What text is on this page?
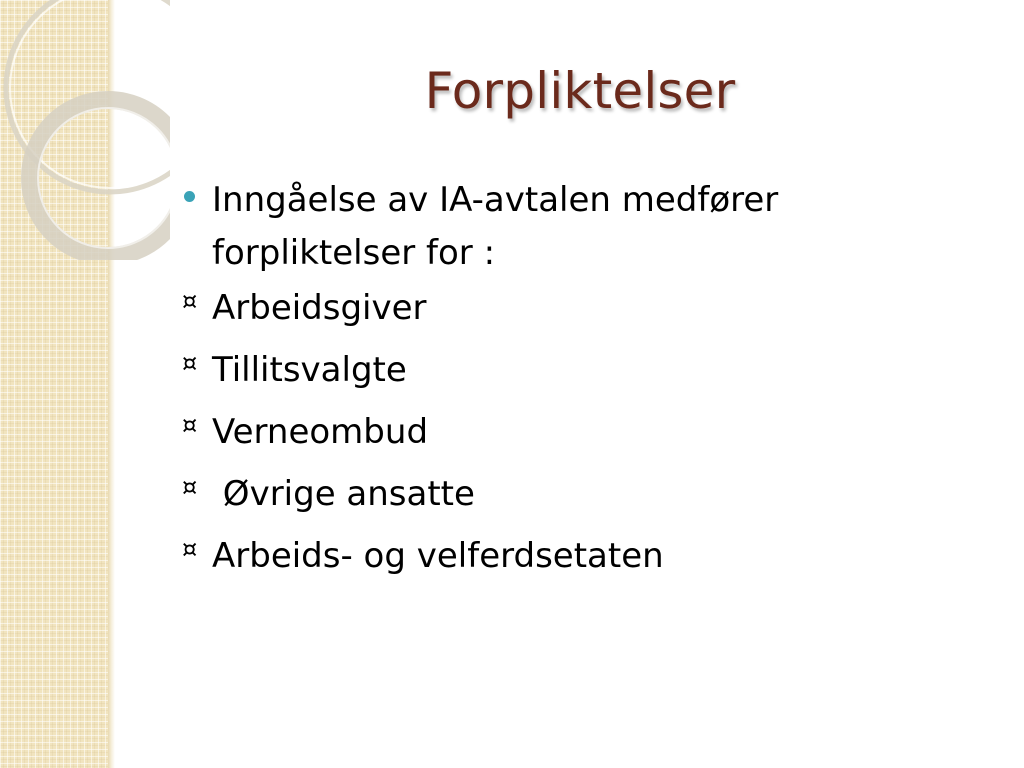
Forpliktelser
Inngåelse av IA-avtalen medfører forpliktelser for :
¤ Arbeidsgiver
¤ Tillitsvalgte
¤ Verneombud
¤ Øvrige ansatte
¤ Arbeids- og velferdsetaten
